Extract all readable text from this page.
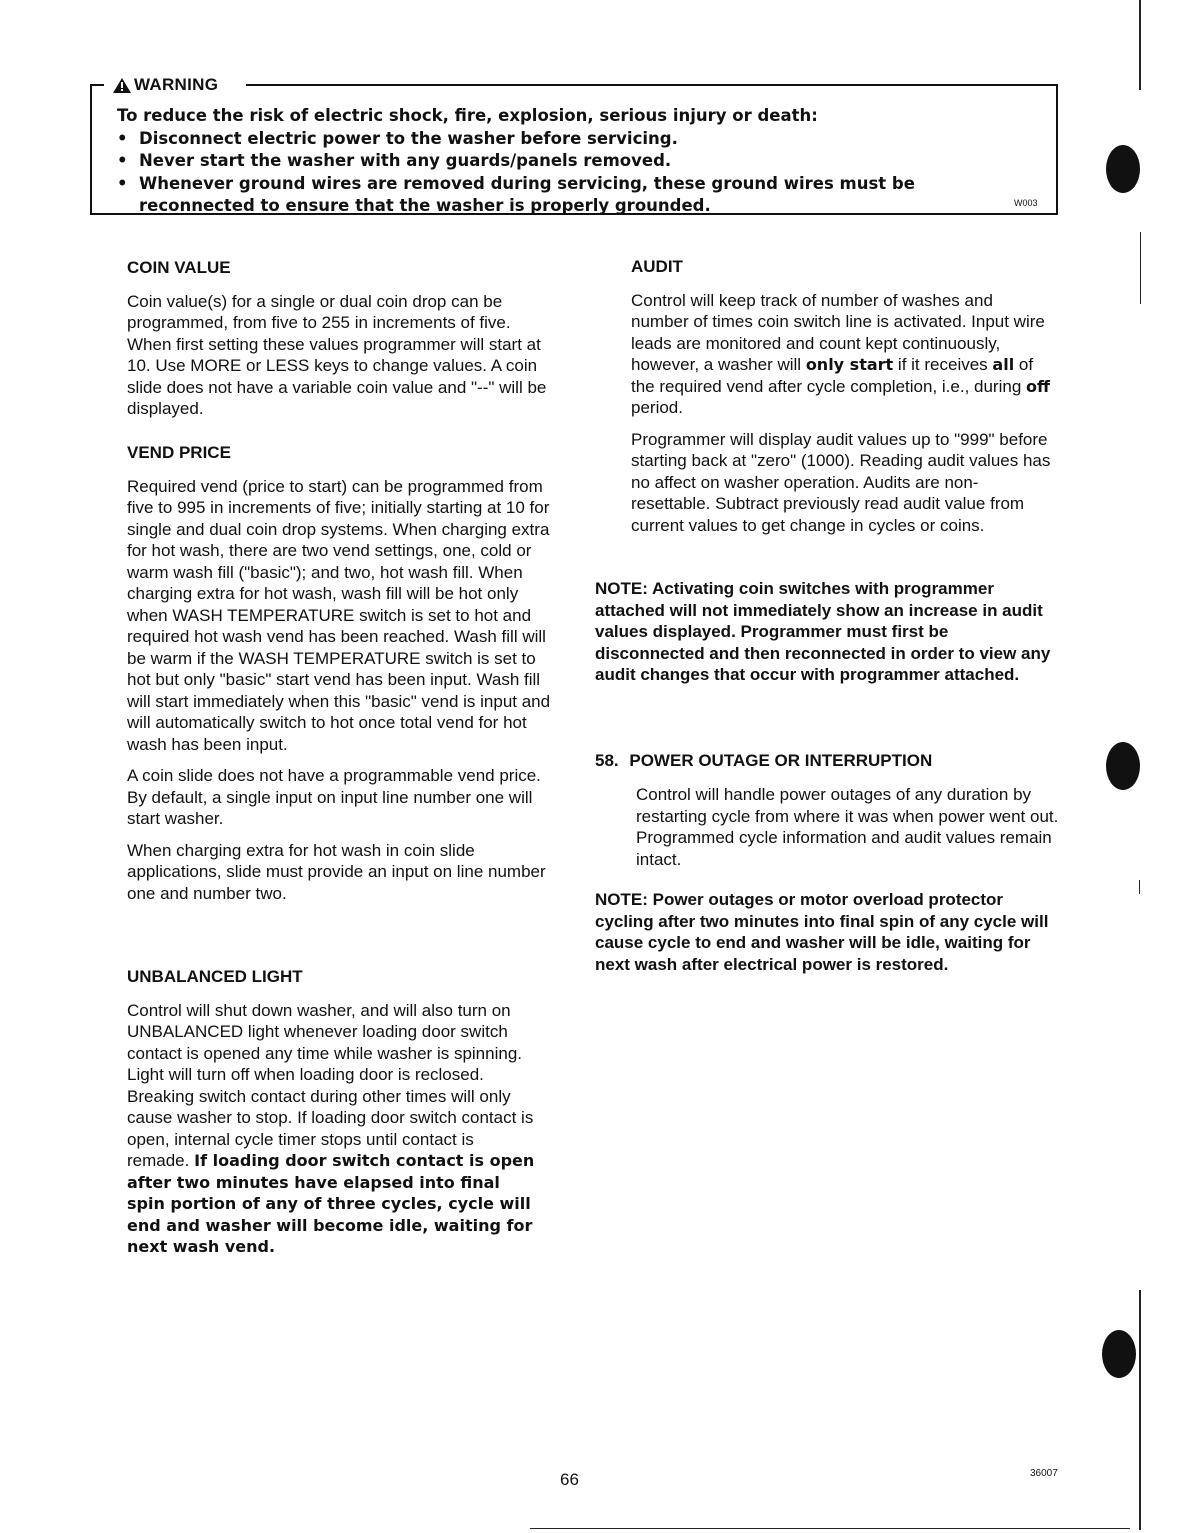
WARNING
To reduce the risk of electric shock, fire, explosion, serious injury or death:
• Disconnect electric power to the washer before servicing.
• Never start the washer with any guards/panels removed.
• Whenever ground wires are removed during servicing, these ground wires must be
reconnected to ensure that the washer is properly grounded.	W003

COIN VALUE

Coin value(s) for a single or dual coin drop can be programmed, from five to 255 in increments of five. When first setting these values programmer will start at 10. Use MORE or LESS keys to change values. A coin slide does not have a variable coin value and "--" will be displayed.

VEND PRICE

Required vend (price to start) can be programmed from five to 995 in increments of five; initially starting at 10 for single and dual coin drop systems. When charging extra for hot wash, there are two vend settings, one, cold or warm wash fill ("basic"); and two, hot wash fill. When charging extra for hot wash, wash fill will be hot only when WASH TEMPERATURE switch is set to hot and required hot wash vend has been reached. Wash fill will be warm if the WASH TEMPERATURE switch is set to hot but only "basic" start vend has been input. Wash fill will start immediately when this "basic" vend is input and will automatically switch to hot once total vend for hot wash has been input.

A coin slide does not have a programmable vend price. By default, a single input on input line number one will start washer.

When charging extra for hot wash in coin slide applications, slide must provide an input on line number one and number two.

UNBALANCED LIGHT

Control will shut down washer, and will also turn on UNBALANCED light whenever loading door switch contact is opened any time while washer is spinning. Light will turn off when loading door is reclosed. Breaking switch contact during other times will only cause washer to stop. If loading door switch contact is open, internal cycle timer stops until contact is remade. If loading door switch contact is open after two minutes have elapsed into final spin portion of any of three cycles, cycle will end and washer will become idle, waiting for next wash vend.

AUDIT

Control will keep track of number of washes and number of times coin switch line is activated. Input wire leads are monitored and count kept continuously, however, a washer will only start if it receives all of the required vend after cycle completion, i.e., during off period.

Programmer will display audit values up to "999" before starting back at "zero" (1000). Reading audit values has no affect on washer operation. Audits are non-resettable. Subtract previously read audit value from current values to get change in cycles or coins.

NOTE: Activating coin switches with programmer attached will not immediately show an increase in audit values displayed. Programmer must first be disconnected and then reconnected in order to view any audit changes that occur with programmer attached.
58. POWER OUTAGE OR INTERRUPTION
Control will handle power outages of any duration by restarting cycle from where it was when power went out. Programmed cycle information and audit values remain intact.
NOTE: Power outages or motor overload protector cycling after two minutes into final spin of any cycle will cause cycle to end and washer will be idle, waiting for next wash after electrical power is restored.
66	36007
